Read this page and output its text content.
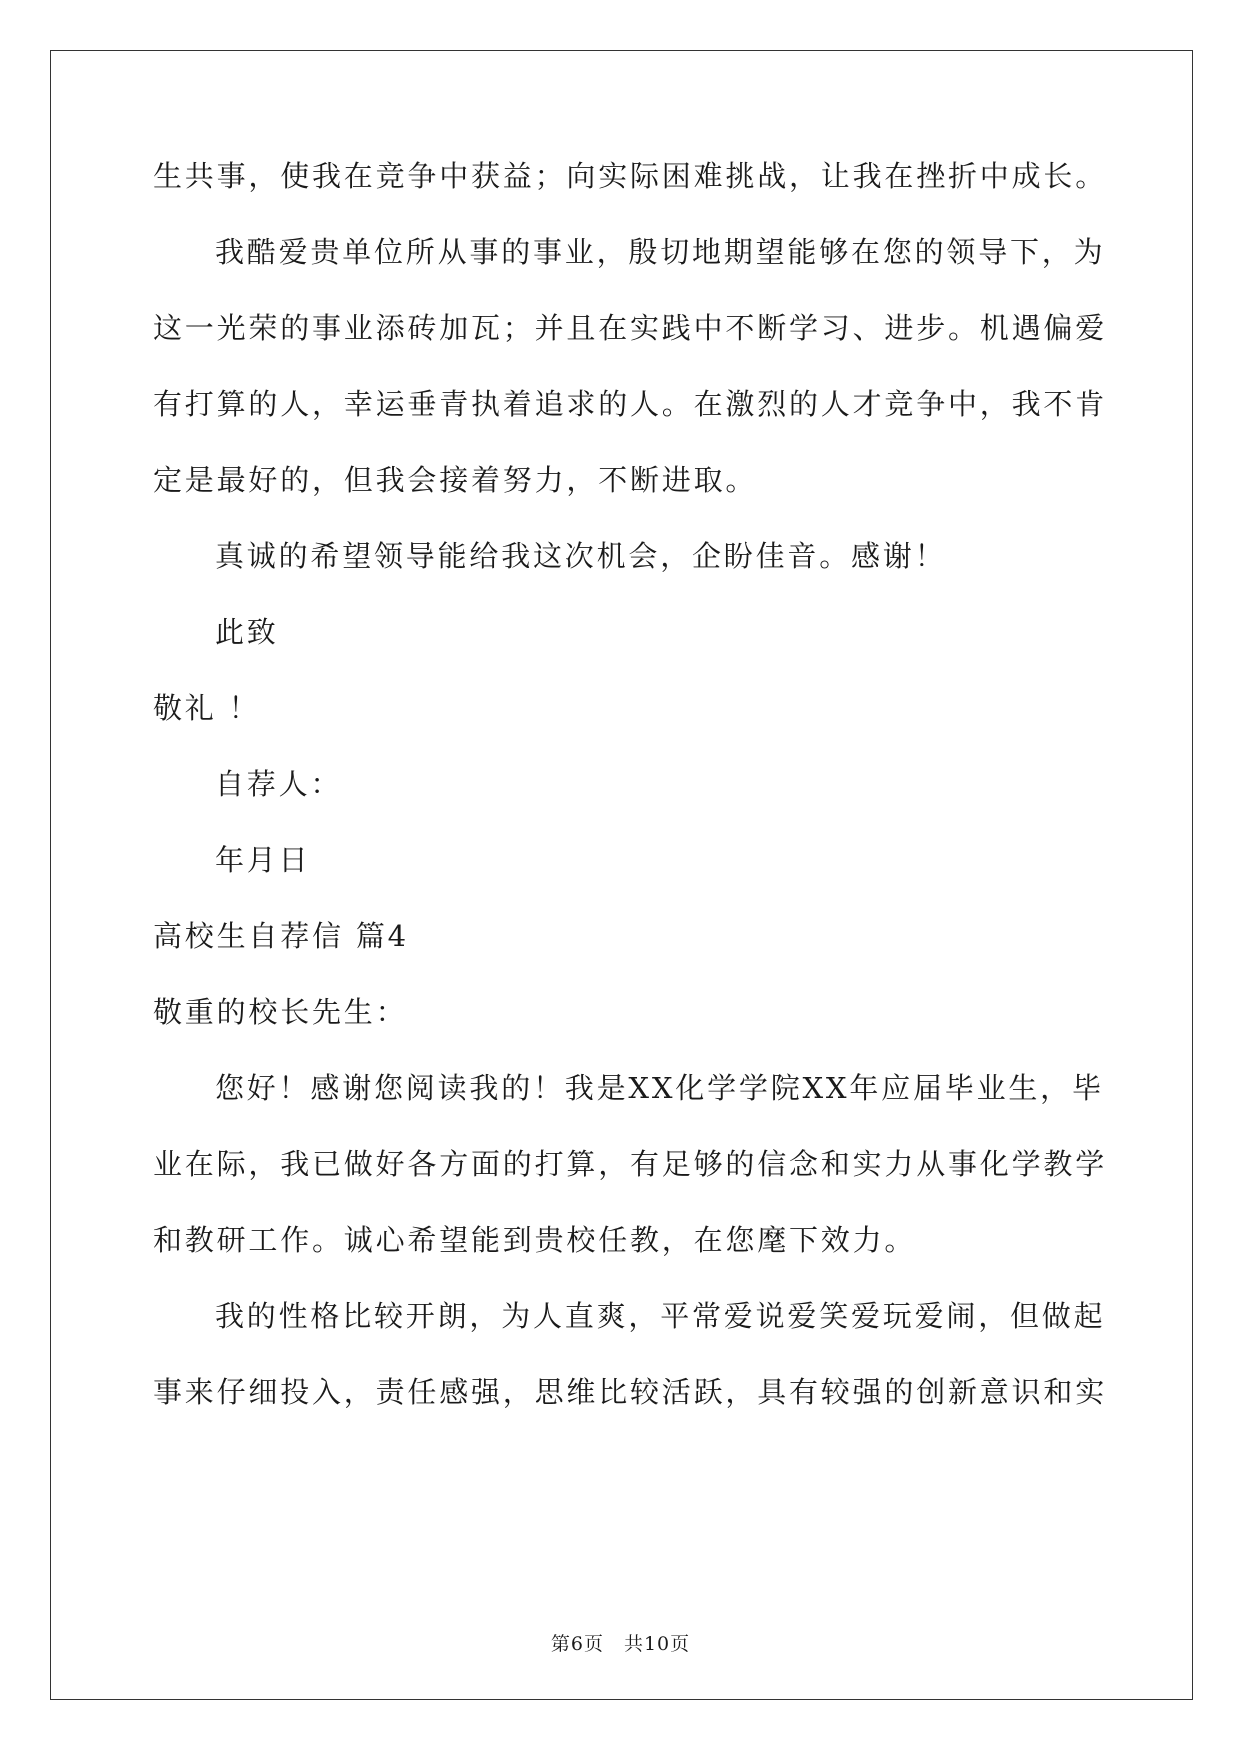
生共事，使我在竞争中获益；向实际困难挑战，让我在挫折中成长。
我酷爱贵单位所从事的事业，殷切地期望能够在您的领导下，为
这一光荣的事业添砖加瓦；并且在实践中不断学习、进步。机遇偏爱
有打算的人，幸运垂青执着追求的人。在激烈的人才竞争中，我不肯
定是最好的，但我会接着努力，不断进取。
真诚的希望领导能给我这次机会，企盼佳音。感谢！
此致
敬礼 ！
自荐人：
年月日
高校生自荐信 篇4
敬重的校长先生：
您好！感谢您阅读我的！我是XX化学学院XX年应届毕业生，毕
业在际，我已做好各方面的打算，有足够的信念和实力从事化学教学
和教研工作。诚心希望能到贵校任教，在您麾下效力。
我的性格比较开朗，为人直爽，平常爱说爱笑爱玩爱闹，但做起
事来仔细投入，责任感强，思维比较活跃，具有较强的创新意识和实
第6页 共10页
